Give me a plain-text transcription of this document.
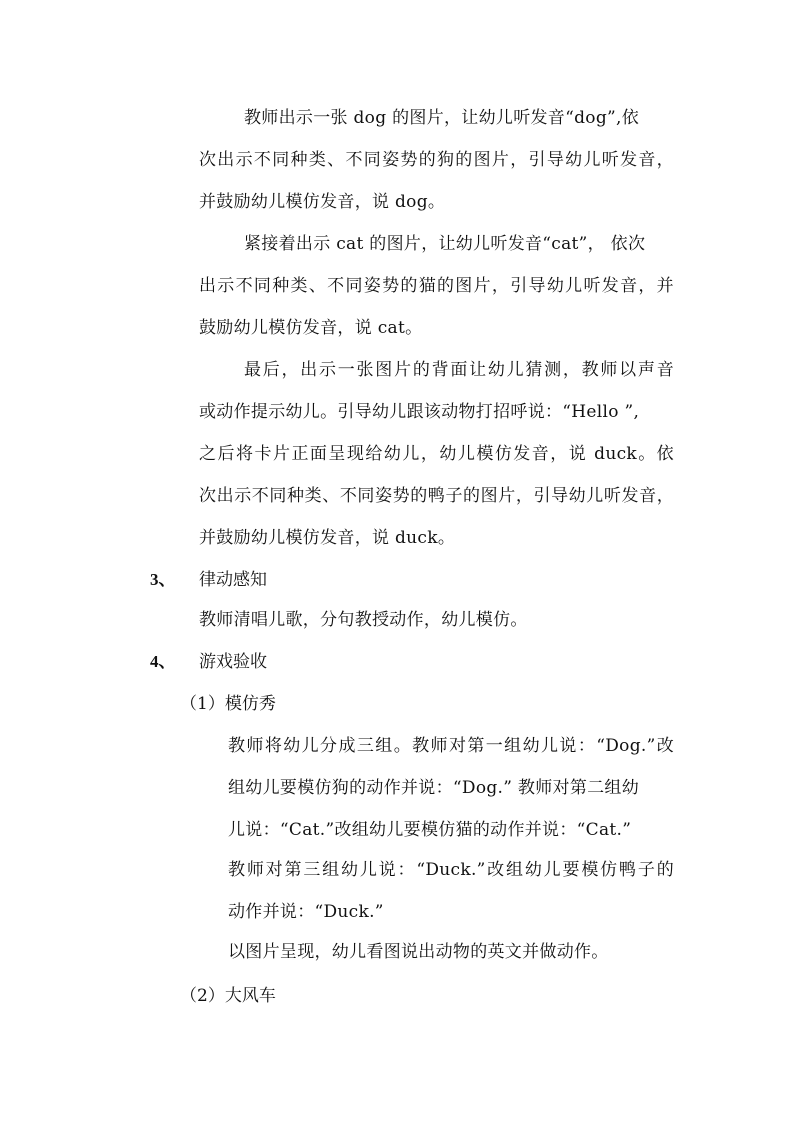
教师出示一张 dog 的图片，让幼儿听发音“dog”,依
次出示不同种类、不同姿势的狗的图片，引导幼儿听发音，
并鼓励幼儿模仿发音，说 dog。
紧接着出示 cat 的图片，让幼儿听发音“cat”， 依次
出示不同种类、不同姿势的猫的图片，引导幼儿听发音，并
鼓励幼儿模仿发音，说 cat。
最后，出示一张图片的背面让幼儿猜测，教师以声音
或动作提示幼儿。引导幼儿跟该动物打招呼说：“Hello ”,
之后将卡片正面呈现给幼儿，幼儿模仿发音，说 duck。依
次出示不同种类、不同姿势的鸭子的图片，引导幼儿听发音，
并鼓励幼儿模仿发音，说 duck。
3、 律动感知
教师清唱儿歌，分句教授动作，幼儿模仿。
4、 游戏验收
（1）模仿秀
教师将幼儿分成三组。教师对第一组幼儿说：“Dog.”改
组幼儿要模仿狗的动作并说：“Dog.” 教师对第二组幼
儿说：“Cat.”改组幼儿要模仿猫的动作并说：“Cat.”
教师对第三组幼儿说：“Duck.”改组幼儿要模仿鸭子的
动作并说：“Duck.”
以图片呈现，幼儿看图说出动物的英文并做动作。
（2）大风车
